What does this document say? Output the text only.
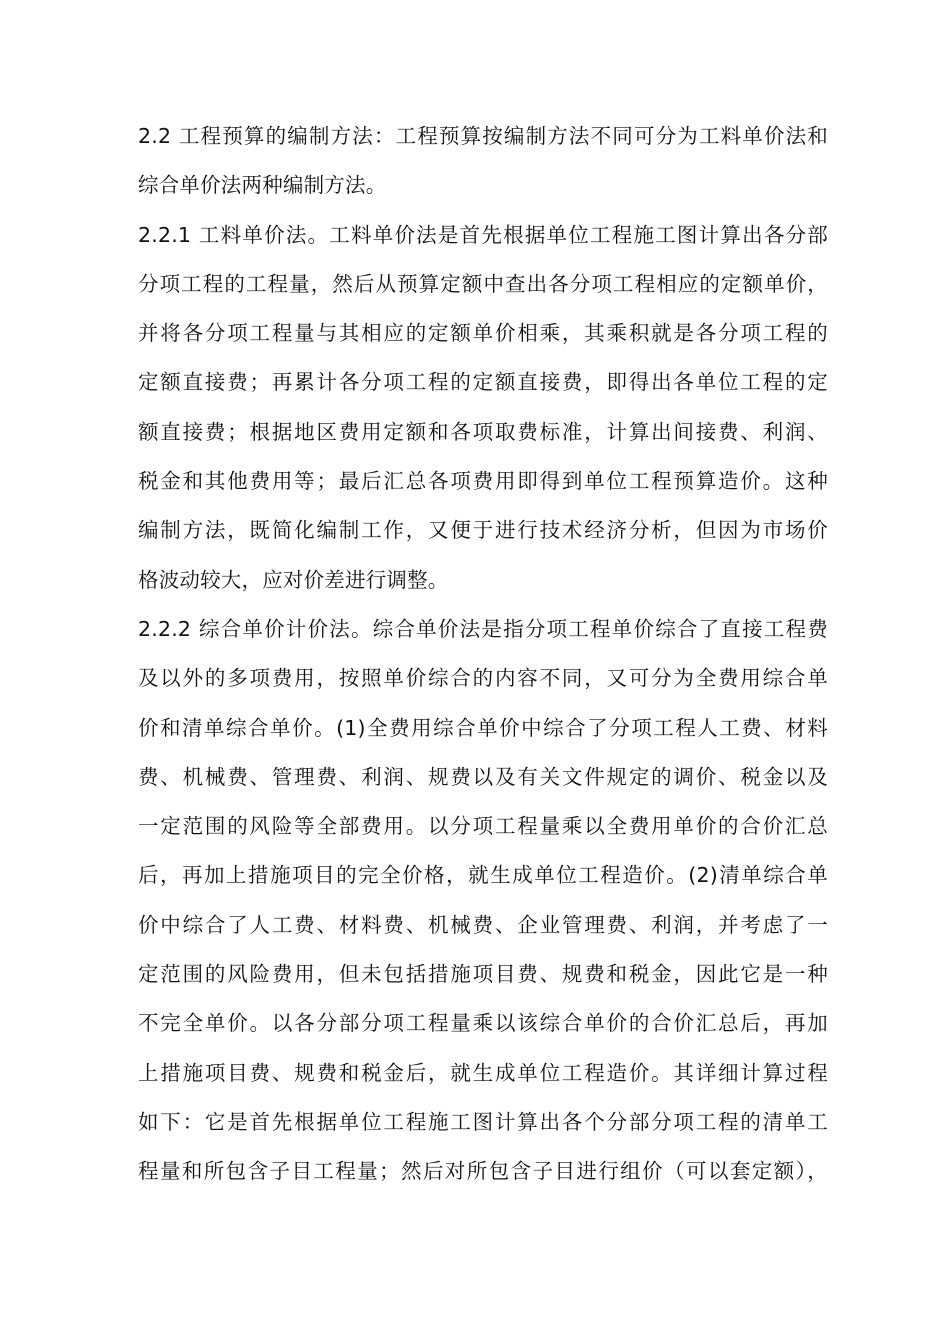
2.2 工程预算的编制方法：工程预算按编制方法不同可分为工料单价法和
综合单价法两种编制方法。
2.2.1 工料单价法。工料单价法是首先根据单位工程施工图计算出各分部
分项工程的工程量，然后从预算定额中查出各分项工程相应的定额单价，
并将各分项工程量与其相应的定额单价相乘，其乘积就是各分项工程的
定额直接费；再累计各分项工程的定额直接费，即得出各单位工程的定
额直接费；根据地区费用定额和各项取费标准，计算出间接费、利润、
税金和其他费用等；最后汇总各项费用即得到单位工程预算造价。这种
编制方法，既简化编制工作，又便于进行技术经济分析，但因为市场价
格波动较大，应对价差进行调整。
2.2.2 综合单价计价法。综合单价法是指分项工程单价综合了直接工程费
及以外的多项费用，按照单价综合的内容不同，又可分为全费用综合单
价和清单综合单价。(1)全费用综合单价中综合了分项工程人工费、材料
费、机械费、管理费、利润、规费以及有关文件规定的调价、税金以及
一定范围的风险等全部费用。以分项工程量乘以全费用单价的合价汇总
后，再加上措施项目的完全价格，就生成单位工程造价。(2)清单综合单
价中综合了人工费、材料费、机械费、企业管理费、利润，并考虑了一
定范围的风险费用，但未包括措施项目费、规费和税金，因此它是一种
不完全单价。以各分部分项工程量乘以该综合单价的合价汇总后，再加
上措施项目费、规费和税金后，就生成单位工程造价。其详细计算过程
如下：它是首先根据单位工程施工图计算出各个分部分项工程的清单工
程量和所包含子目工程量；然后对所包含子目进行组价（可以套定额），
